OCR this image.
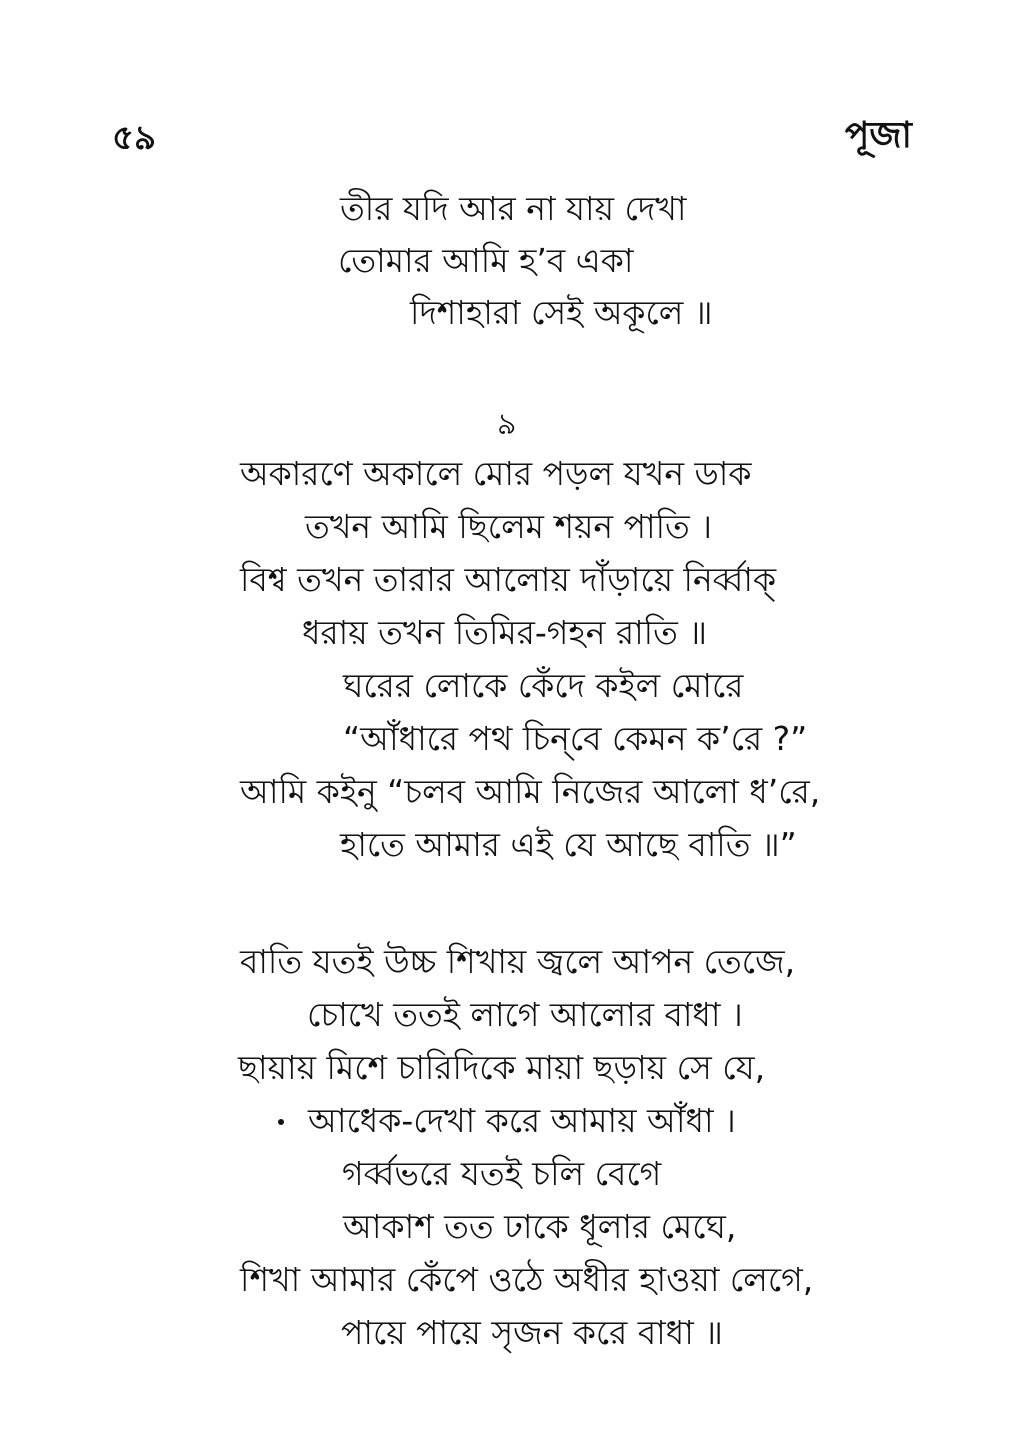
৫৯	পূজা
তীর যদি আর না যায় দেখা
তোমার আমি হ’ব একা
দিশাহারা সেই অকূলে ॥
৯
অকারণে অকালে মোর পড়ল যখন ডাক
তখন আমি ছিলেম শয়ন পাতি ।
বিশ্ব তখন তারার আলোয় দাঁড়ায়ে নির্ব্বাক্‌
ধরায় তখন তিমির-গহন রাতি ॥
ঘরের লোকে কেঁদে কইল মোরে
“আঁধারে পথ চিন্‌বে কেমন ক’রে ?”
আমি কইনু “চলব আমি নিজের আলো ধ’রে,
হাতে আমার এই যে আছে বাতি ॥”
বাতি যতই উচ্চ শিখায় জ্বলে আপন তেজে,
চোখে ততই লাগে আলোর বাধা ।
ছায়ায় মিশে চারিদিকে মায়া ছড়ায় সে যে,
আধেক-দেখা করে আমায় আঁধা ।
গর্ব্বভরে যতই চলি বেগে
আকাশ তত ঢাকে ধূলার মেঘে,
শিখা আমার কেঁপে ওঠে অধীর হাওয়া লেগে,
পায়ে পায়ে সৃজন করে বাধা ॥
